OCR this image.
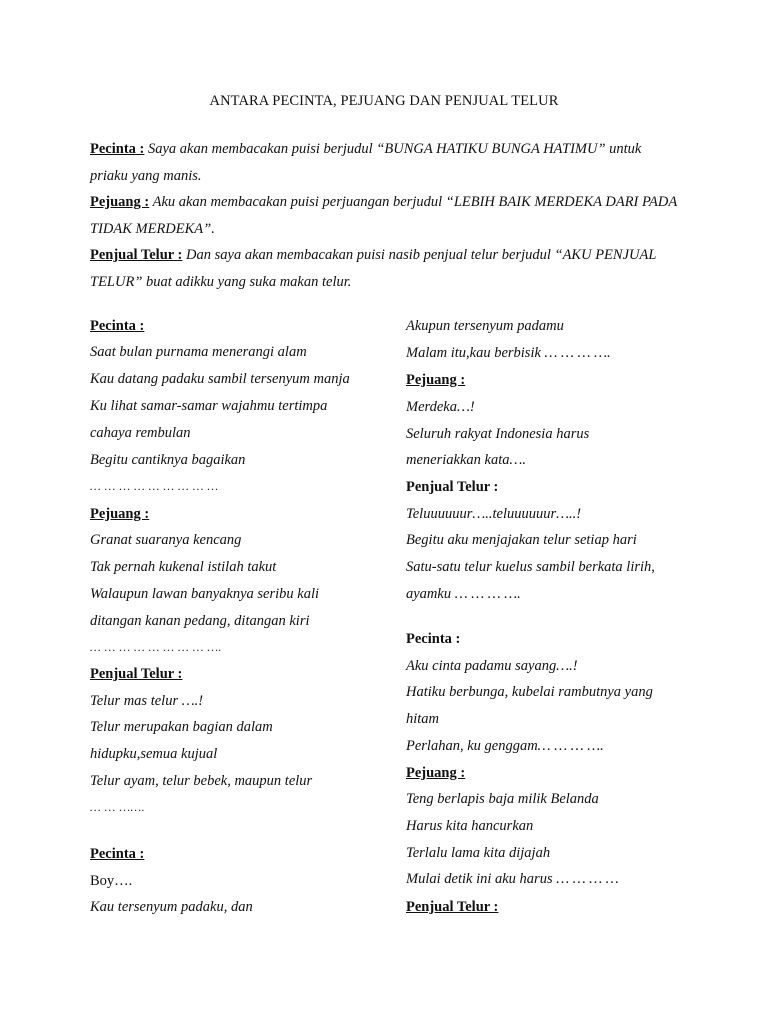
ANTARA PECINTA, PEJUANG DAN PENJUAL TELUR

Pecinta : Saya akan membacakan puisi berjudul “BUNGA HATIKU BUNGA HATIMU” untuk priaku yang manis.

Pejuang : Aku akan membacakan puisi perjuangan berjudul “LEBIH BAIK MERDEKA DARI PADA TIDAK MERDEKA”.

Penjual Telur : Dan saya akan membacakan puisi nasib penjual telur berjudul “AKU PENJUAL TELUR” buat adikku yang suka makan telur.

Pecinta :
Saat bulan purnama menerangi alam
Kau datang padaku sambil tersenyum manja
Ku lihat samar-samar wajahmu tertimpa
cahaya rembulan
Begitu cantiknya bagaikan
… … … … … … … … …
Pejuang :
Granat suaranya kencang
Tak pernah kukenal istilah takut
Walaupun lawan banyaknya seribu kali
ditangan kanan pedang, ditangan kiri
… … … … … … … … ….
Penjual Telur :
Telur mas telur ….!
Telur merupakan bagian dalam
hidupku,semua kujual
Telur ayam, telur bebek, maupun telur
… … …….
Pecinta :
Boy….
Kau tersenyum padaku, dan
Akupun tersenyum padamu
Malam itu,kau berbisik … … … ….
Pejuang :
Merdeka…!
Seluruh rakyat Indonesia harus
meneriakkan kata….
Penjual Telur :
Teluuuuuur…..teluuuuuur…..!
Begitu aku menjajakan telur setiap hari
Satu-satu telur kuelus sambil berkata lirih,
ayamku … … … ….
Pecinta :
Aku cinta padamu sayang….!
Hatiku berbunga, kubelai rambutnya yang
hitam
Perlahan, ku genggam… … … ….
Pejuang :
Teng berlapis baja milik Belanda
Harus kita hancurkan
Terlalu lama kita dijajah
Mulai detik ini aku harus … … … …
Penjual Telur :
